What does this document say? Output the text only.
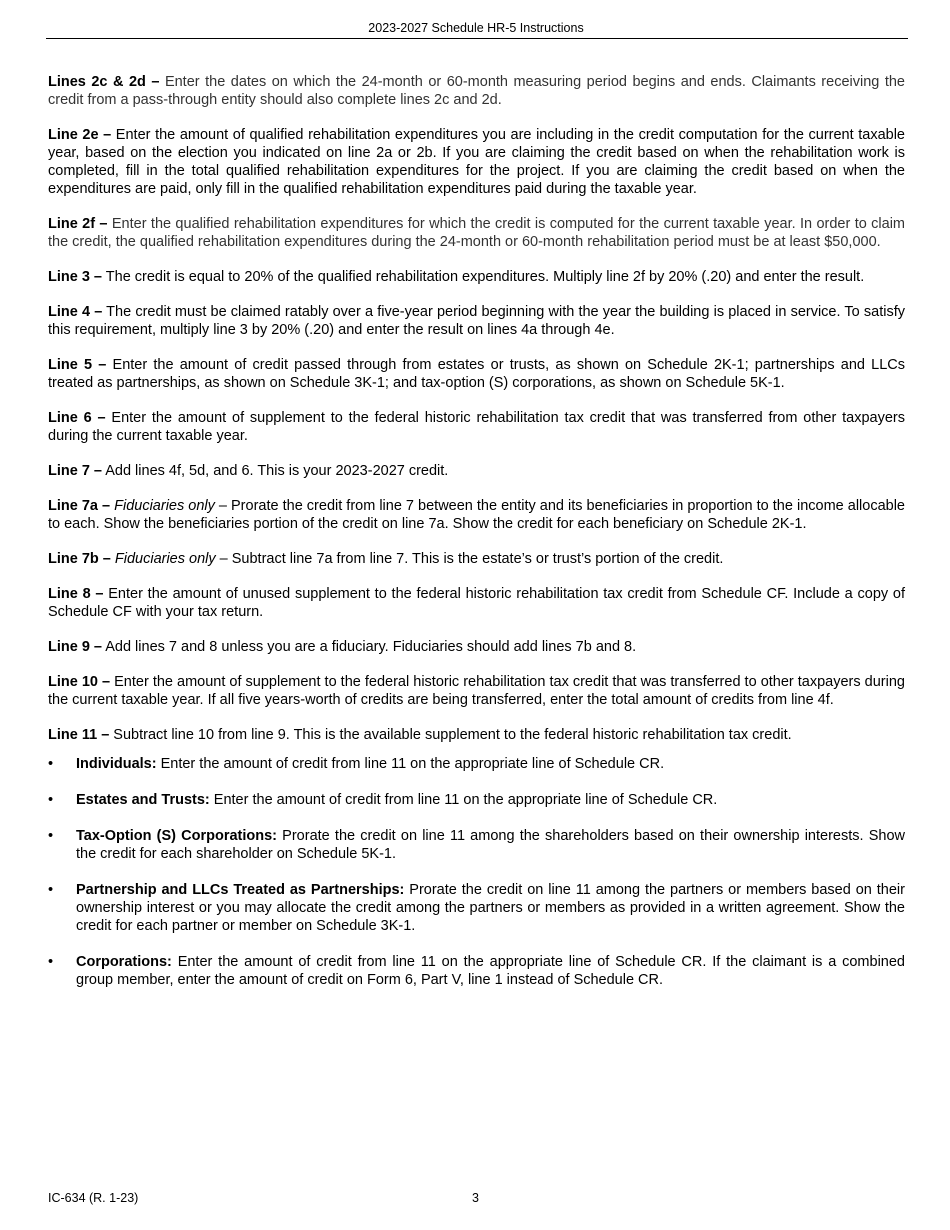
2023-2027 Schedule HR-5 Instructions

Lines 2c & 2d – Enter the dates on which the 24-month or 60-month measuring period begins and ends. Claimants receiving the credit from a pass-through entity should also complete lines 2c and 2d.

Line 2e – Enter the amount of qualified rehabilitation expenditures you are including in the credit computation for the current taxable year, based on the election you indicated on line 2a or 2b. If you are claiming the credit based on when the rehabilitation work is completed, fill in the total qualified rehabilitation expenditures for the project. If you are claiming the credit based on when the expenditures are paid, only fill in the qualified rehabilitation expenditures paid during the taxable year.

Line 2f – Enter the qualified rehabilitation expenditures for which the credit is computed for the current taxable year. In order to claim the credit, the qualified rehabilitation expenditures during the 24-month or 60-month rehabilitation period must be at least $50,000.

Line 3 – The credit is equal to 20% of the qualified rehabilitation expenditures. Multiply line 2f by 20% (.20) and enter the result.

Line 4 – The credit must be claimed ratably over a five-year period beginning with the year the building is placed in service. To satisfy this requirement, multiply line 3 by 20% (.20) and enter the result on lines 4a through 4e.

Line 5 – Enter the amount of credit passed through from estates or trusts, as shown on Schedule 2K-1; partnerships and LLCs treated as partnerships, as shown on Schedule 3K-1; and tax-option (S) corporations, as shown on Schedule 5K-1.

Line 6 – Enter the amount of supplement to the federal historic rehabilitation tax credit that was transferred from other taxpayers during the current taxable year.

Line 7 – Add lines 4f, 5d, and 6. This is your 2023-2027 credit.

Line 7a – Fiduciaries only – Prorate the credit from line 7 between the entity and its beneficiaries in proportion to the income allocable to each. Show the beneficiaries portion of the credit on line 7a. Show the credit for each beneficiary on Schedule 2K-1.

Line 7b – Fiduciaries only – Subtract line 7a from line 7. This is the estate’s or trust’s portion of the credit.

Line 8 – Enter the amount of unused supplement to the federal historic rehabilitation tax credit from Schedule CF. Include a copy of Schedule CF with your tax return.

Line 9 – Add lines 7 and 8 unless you are a fiduciary. Fiduciaries should add lines 7b and 8.

Line 10 – Enter the amount of supplement to the federal historic rehabilitation tax credit that was transferred to other taxpayers during the current taxable year. If all five years-worth of credits are being transferred, enter the total amount of credits from line 4f.

Line 11 – Subtract line 10 from line 9. This is the available supplement to the federal historic rehabilitation tax credit.

•	Individuals: Enter the amount of credit from line 11 on the appropriate line of Schedule CR.
•	Estates and Trusts: Enter the amount of credit from line 11 on the appropriate line of Schedule CR.
•	Tax-Option (S) Corporations: Prorate the credit on line 11 among the shareholders based on their ownership interests. Show the credit for each shareholder on Schedule 5K-1.
•	Partnership and LLCs Treated as Partnerships: Prorate the credit on line 11 among the partners or members based on their ownership interest or you may allocate the credit among the partners or members as provided in a written agreement. Show the credit for each partner or member on Schedule 3K-1.
•	Corporations: Enter the amount of credit from line 11 on the appropriate line of Schedule CR. If the claimant is a combined group member, enter the amount of credit on Form 6, Part V, line 1 instead of Schedule CR.
IC-634 (R. 1-23)	3
